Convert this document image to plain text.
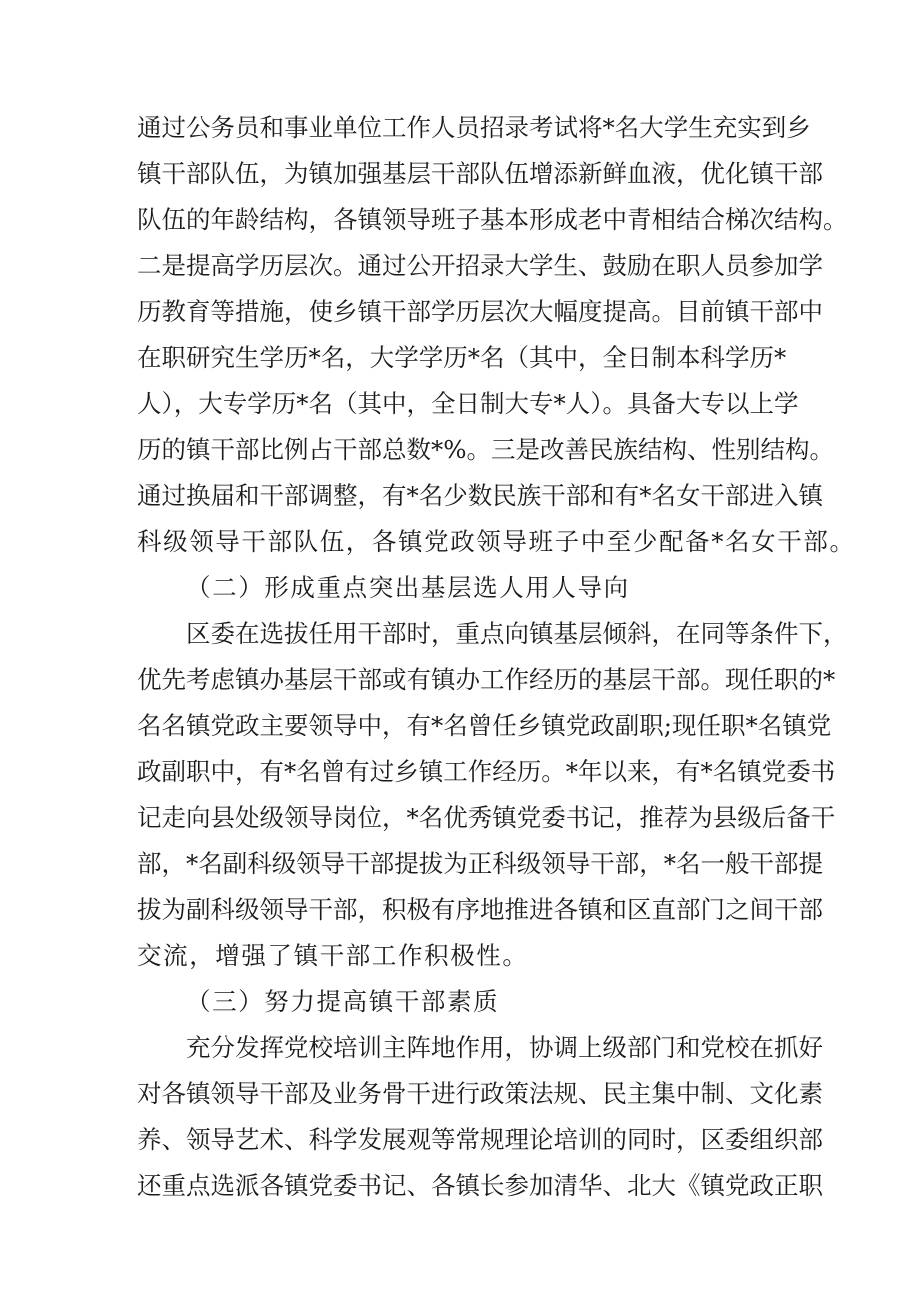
通过公务员和事业单位工作人员招录考试将*名大学生充实到乡
镇干部队伍，为镇加强基层干部队伍增添新鲜血液，优化镇干部
队伍的年龄结构，各镇领导班子基本形成老中青相结合梯次结构。
二是提高学历层次。通过公开招录大学生、鼓励在职人员参加学
历教育等措施，使乡镇干部学历层次大幅度提高。目前镇干部中
在职研究生学历*名，大学学历*名（其中，全日制本科学历*
人），大专学历*名（其中，全日制大专*人）。具备大专以上学
历的镇干部比例占干部总数*%。三是改善民族结构、性别结构。
通过换届和干部调整，有*名少数民族干部和有*名女干部进入镇
科级领导干部队伍，各镇党政领导班子中至少配备*名女干部。
（二）形成重点突出基层选人用人导向
区委在选拔任用干部时，重点向镇基层倾斜，在同等条件下，
优先考虑镇办基层干部或有镇办工作经历的基层干部。现任职的*
名名镇党政主要领导中，有*名曾任乡镇党政副职;现任职*名镇党
政副职中，有*名曾有过乡镇工作经历。*年以来，有*名镇党委书
记走向县处级领导岗位，*名优秀镇党委书记，推荐为县级后备干
部，*名副科级领导干部提拔为正科级领导干部，*名一般干部提
拔为副科级领导干部，积极有序地推进各镇和区直部门之间干部
交流，增强了镇干部工作积极性。
（三）努力提高镇干部素质
充分发挥党校培训主阵地作用，协调上级部门和党校在抓好
对各镇领导干部及业务骨干进行政策法规、民主集中制、文化素
养、领导艺术、科学发展观等常规理论培训的同时，区委组织部
还重点选派各镇党委书记、各镇长参加清华、北大《镇党政正职
